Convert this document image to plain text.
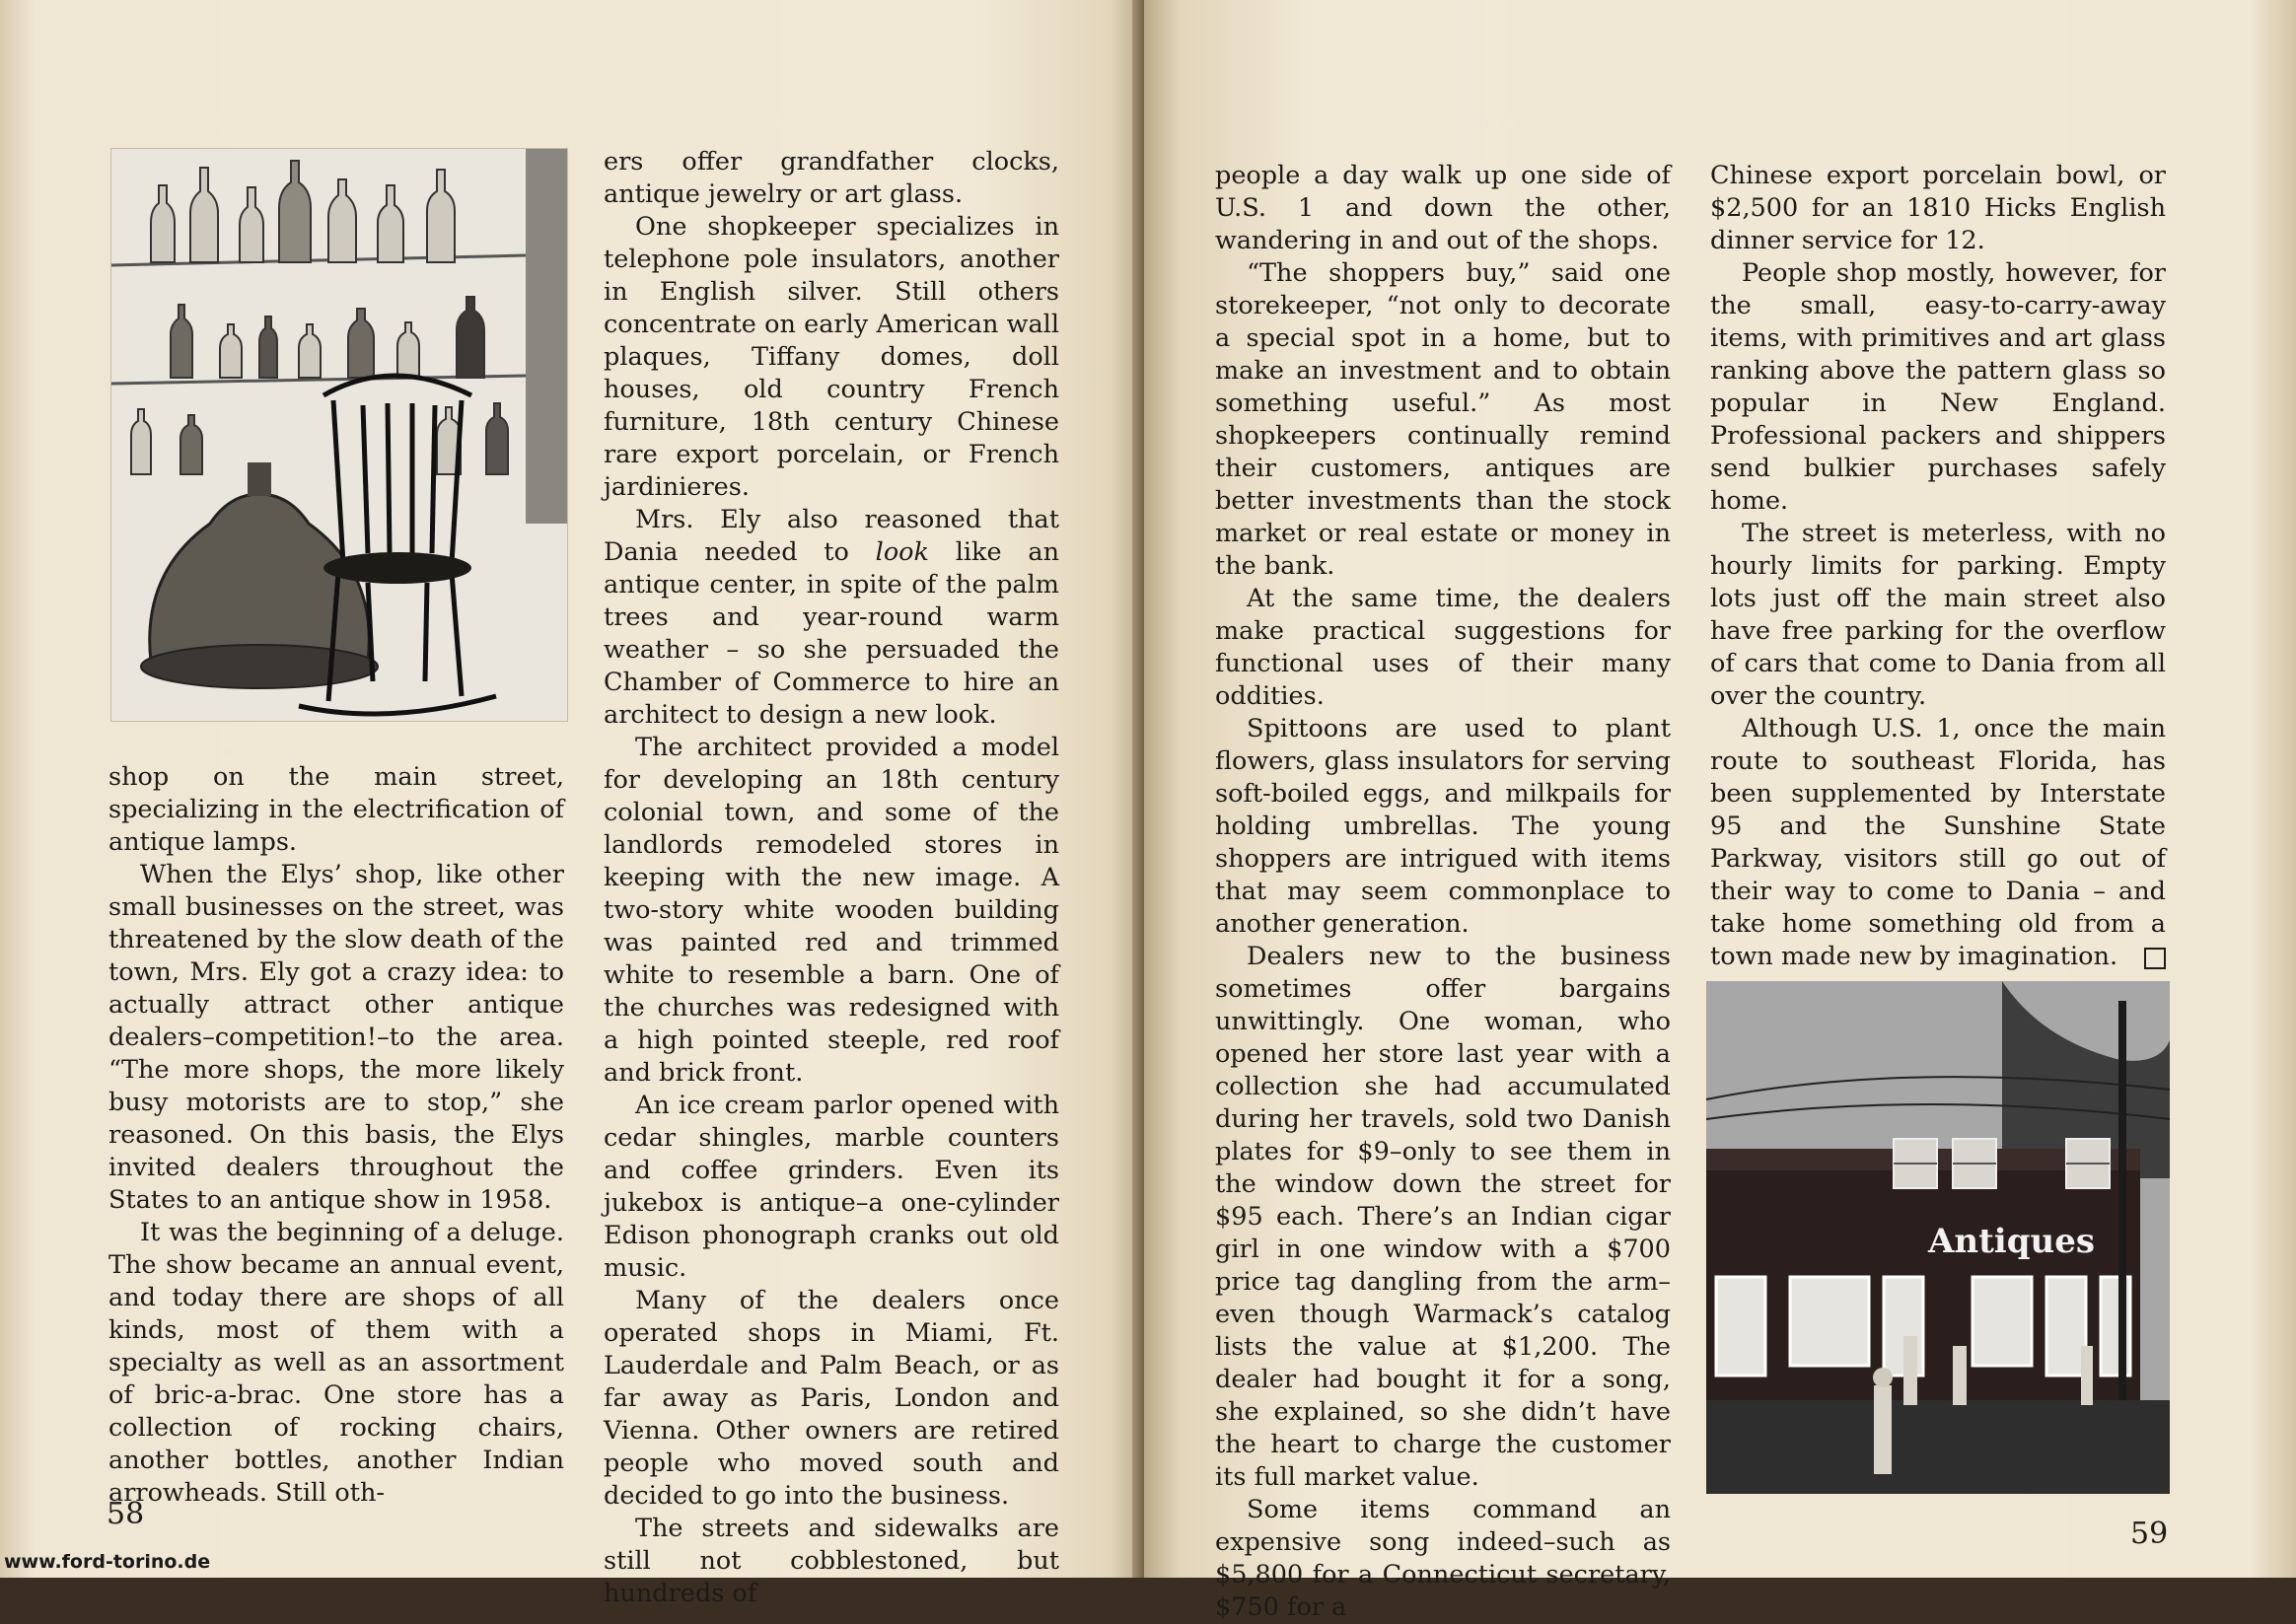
shop on the main street, specializing in the electrification of antique lamps.

When the Elys’ shop, like other small businesses on the street, was threatened by the slow death of the town, Mrs. Ely got a crazy idea: to actually attract other antique dealers–competition!–to the area. “The more shops, the more likely busy motorists are to stop,” she reasoned. On this basis, the Elys invited dealers throughout the States to an antique show in 1958.

It was the beginning of a deluge. The show became an annual event, and today there are shops of all kinds, most of them with a specialty as well as an assortment of bric-a-brac. One store has a collection of rocking chairs, another bottles, another Indian arrowheads. Still oth-

ers offer grandfather clocks, antique jewelry or art glass.

One shopkeeper specializes in telephone pole insulators, another in English silver. Still others concentrate on early American wall plaques, Tiffany domes, doll houses, old country French furniture, 18th century Chinese rare export porcelain, or French jardinieres.

Mrs. Ely also reasoned that Dania needed to look like an antique center, in spite of the palm trees and year-round warm weather – so she persuaded the Chamber of Commerce to hire an architect to design a new look.

The architect provided a model for developing an 18th century colonial town, and some of the landlords remodeled stores in keeping with the new image. A two-story white wooden building was painted red and trimmed white to resemble a barn. One of the churches was redesigned with a high pointed steeple, red roof and brick front.

An ice cream parlor opened with cedar shingles, marble counters and coffee grinders. Even its jukebox is antique–a one-cylinder Edison phonograph cranks out old music.

Many of the dealers once operated shops in Miami, Ft. Lauderdale and Palm Beach, or as far away as Paris, London and Vienna. Other owners are retired people who moved south and decided to go into the business.

The streets and sidewalks are still not cobblestoned, but hundreds of

58

people a day walk up one side of U.S. 1 and down the other, wandering in and out of the shops.

“The shoppers buy,” said one storekeeper, “not only to decorate a special spot in a home, but to make an investment and to obtain something useful.” As most shopkeepers continually remind their customers, antiques are better investments than the stock market or real estate or money in the bank.

At the same time, the dealers make practical suggestions for functional uses of their many oddities.

Spittoons are used to plant flowers, glass insulators for serving soft-boiled eggs, and milkpails for holding umbrellas. The young shoppers are intrigued with items that may seem commonplace to another generation.

Dealers new to the business sometimes offer bargains unwittingly. One woman, who opened her store last year with a collection she had accumulated during her travels, sold two Danish plates for $9–only to see them in the window down the street for $95 each. There’s an Indian cigar girl in one window with a $700 price tag dangling from the arm–even though Warmack’s catalog lists the value at $1,200. The dealer had bought it for a song, she explained, so she didn’t have the heart to charge the customer its full market value.

Some items command an expensive song indeed–such as $5,800 for a Connecticut secretary, $750 for a

Chinese export porcelain bowl, or $2,500 for an 1810 Hicks English dinner service for 12.

People shop mostly, however, for the small, easy-to-carry-away items, with primitives and art glass ranking above the pattern glass so popular in New England. Professional packers and shippers send bulkier purchases safely home.

The street is meterless, with no hourly limits for parking. Empty lots just off the main street also have free parking for the overflow of cars that come to Dania from all over the country.

Although U.S. 1, once the main route to southeast Florida, has been supplemented by Interstate 95 and the Sunshine State Parkway, visitors still go out of their way to come to Dania – and take home something old from a town made new by imagination.

Antiques
59
www.ford-torino.de
